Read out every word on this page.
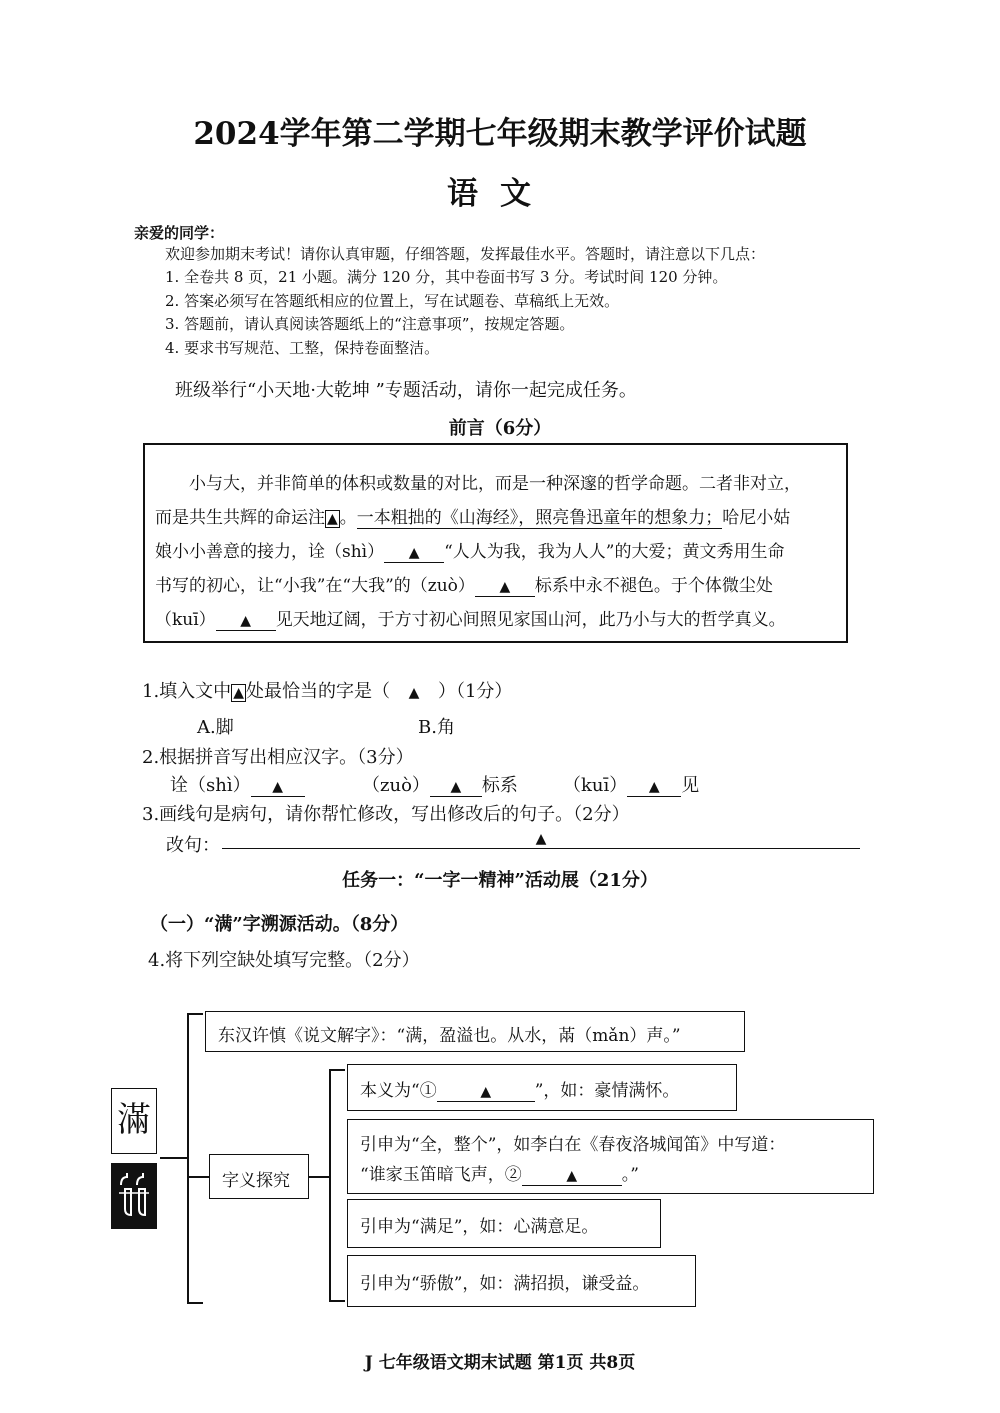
2024学年第二学期七年级期末教学评价试题
语文
亲爱的同学：
欢迎参加期末考试！请你认真审题，仔细答题，发挥最佳水平。答题时，请注意以下几点：
1. 全卷共 8 页，21 小题。满分 120 分，其中卷面书写 3 分。考试时间 120 分钟。
2. 答案必须写在答题纸相应的位置上，写在试题卷、草稿纸上无效。
3. 答题前，请认真阅读答题纸上的“注意事项”，按规定答题。
4. 要求书写规范、工整，保持卷面整洁。
班级举行“小天地·大乾坤 ”专题活动，请你一起完成任务。
前言（6分）
小与大，并非简单的体积或数量的对比，而是一种深邃的哲学命题。二者非对立，
而是共生共辉的命运注 ▲ 。一本粗拙的《山海经》，照亮鲁迅童年的想象力；哈尼小姑
娘小小善意的接力，诠（shì） ▲ “人人为我，我为人人”的大爱；黄文秀用生命
书写的初心，让“小我”在“大我”的（zuò） ▲ 标系中永不褪色。于个体微尘处
（kuī） ▲ 见天地辽阔，于方寸初心间照见家国山河，此乃小与大的哲学真义。
1.填入文中 ▲ 处最恰当的字是（ ▲ ）（1分）
A.脚	B.角
2.根据拼音写出相应汉字。（3分）
诠（shì） ▲	（zuò） ▲ 标系	（kuī） ▲ 见
3.画线句是病句，请你帮忙修改，写出修改后的句子。（2分）
改句：	▲
任务一：“一字一精神”活动展（21分）
（一）“满”字溯源活动。（8分）
4.将下列空缺处填写完整。（2分）
滿
东汉许慎《说文解字》：“满，盈溢也。从水，㒼（mǎn）声。”
字义探究
本义为“①	▲	”，如：豪情满怀。
引申为“全，整个”，如李白在《春夜洛城闻笛》中写道：
“谁家玉笛暗飞声，②	▲	。”
引申为“满足”，如：心满意足。
引申为“骄傲”，如：满招损，谦受益。
J 七年级语文期末试题 第1页 共8页
